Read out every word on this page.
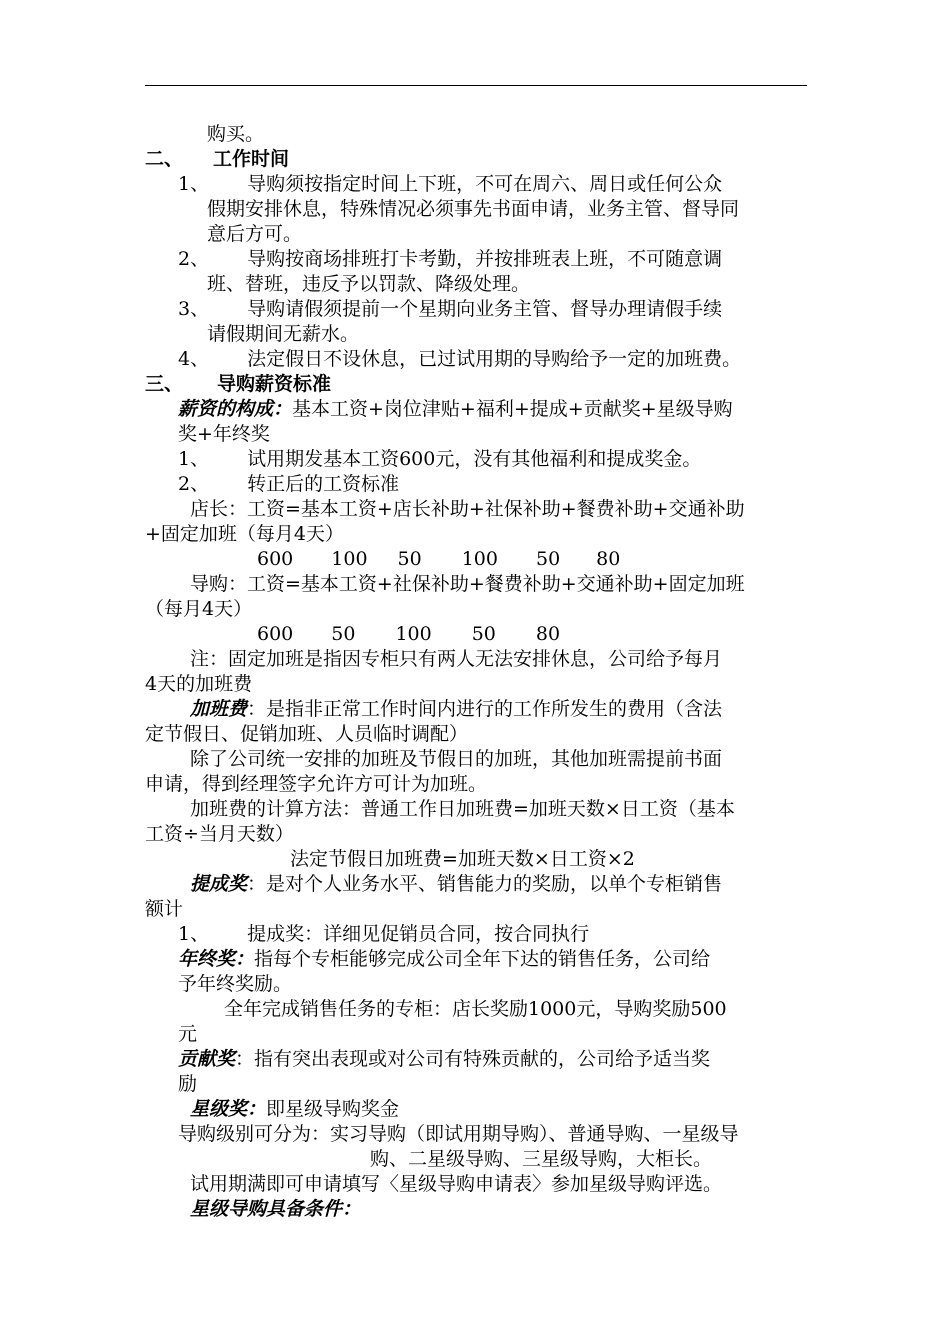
购买。
二、 工作时间
1、 导购须按指定时间上下班，不可在周六、周日或任何公众
假期安排休息，特殊情况必须事先书面申请，业务主管、督导同
意后方可。
2、 导购按商场排班打卡考勤，并按排班表上班，不可随意调
班、替班，违反予以罚款、降级处理。
3、 导购请假须提前一个星期向业务主管、督导办理请假手续
请假期间无薪水。
4、 法定假日不设休息，已过试用期的导购给予一定的加班费。
三、 导购薪资标准
薪资的构成：基本工资+岗位津贴+福利+提成+贡献奖+星级导购
奖+年终奖
1、 试用期发基本工资600元，没有其他福利和提成奖金。
2、 转正后的工资标准
店长：工资=基本工资+店长补助+社保补助+餐费补助+交通补助
+固定加班（每月4天）
600 100 50 100 50 80
导购：工资=基本工资+社保补助+餐费补助+交通补助+固定加班
（每月4天）
600 50 100 50 80
注：固定加班是指因专柜只有两人无法安排休息，公司给予每月
4天的加班费
加班费：是指非正常工作时间内进行的工作所发生的费用（含法
定节假日、促销加班、人员临时调配）
除了公司统一安排的加班及节假日的加班，其他加班需提前书面
申请，得到经理签字允许方可计为加班。
加班费的计算方法：普通工作日加班费=加班天数×日工资（基本
工资÷当月天数）
法定节假日加班费=加班天数×日工资×2
提成奖：是对个人业务水平、销售能力的奖励，以单个专柜销售
额计
1、 提成奖：详细见促销员合同，按合同执行
年终奖：指每个专柜能够完成公司全年下达的销售任务，公司给
予年终奖励。
全年完成销售任务的专柜：店长奖励1000元，导购奖励500
元
贡献奖：指有突出表现或对公司有特殊贡献的，公司给予适当奖
励
星级奖：即星级导购奖金
导购级别可分为：实习导购（即试用期导购）、普通导购、一星级导
购、二星级导购、三星级导购，大柜长。
试用期满即可申请填写〈星级导购申请表〉参加星级导购评选。
星级导购具备条件：
